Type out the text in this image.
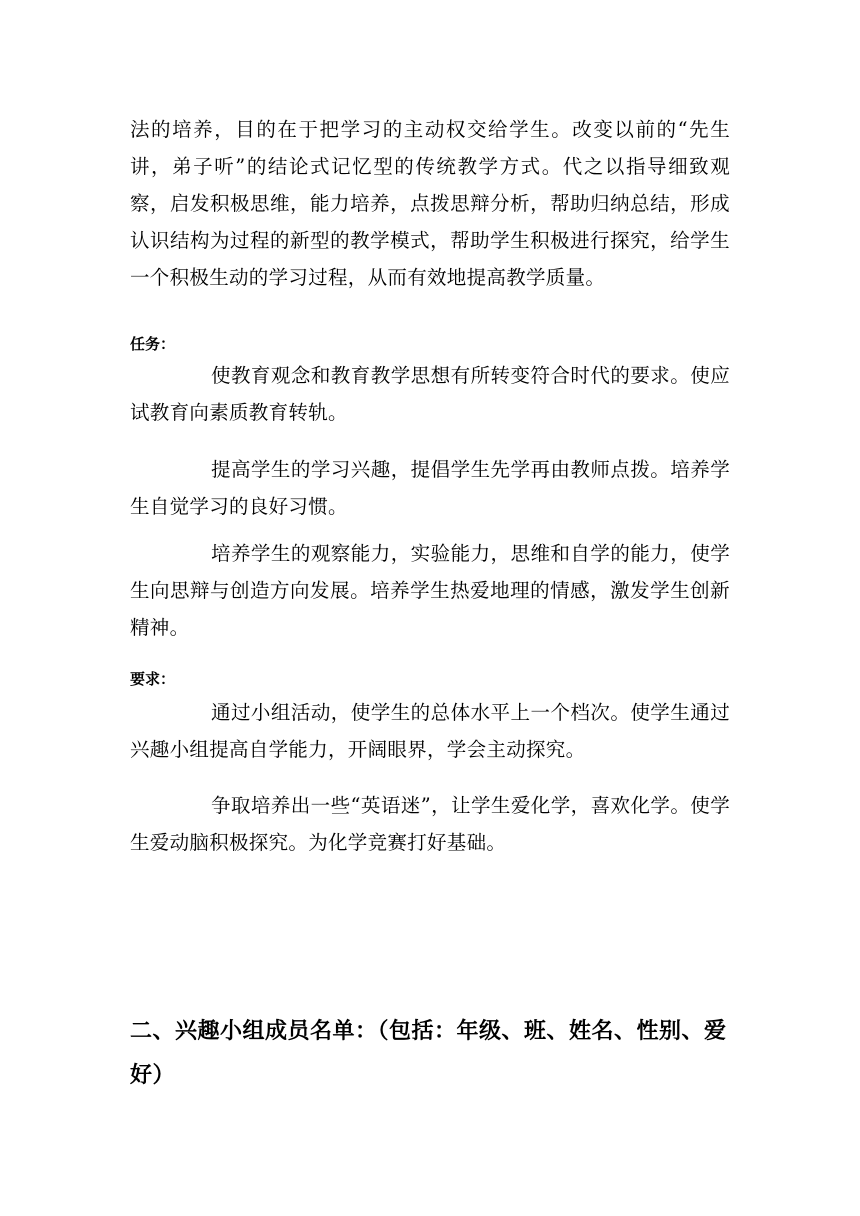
法的培养，目的在于把学习的主动权交给学生。改变以前的“先生讲，弟子听”的结论式记忆型的传统教学方式。代之以指导细致观察，启发积极思维，能力培养，点拨思辩分析，帮助归纳总结，形成认识结构为过程的新型的教学模式，帮助学生积极进行探究，给学生一个积极生动的学习过程，从而有效地提高教学质量。

任务：

使教育观念和教育教学思想有所转变符合时代的要求。使应试教育向素质教育转轨。

提高学生的学习兴趣，提倡学生先学再由教师点拨。培养学生自觉学习的良好习惯。

培养学生的观察能力，实验能力，思维和自学的能力，使学生向思辩与创造方向发展。培养学生热爱地理的情感，激发学生创新精神。

要求：

通过小组活动，使学生的总体水平上一个档次。使学生通过兴趣小组提高自学能力，开阔眼界，学会主动探究。

争取培养出一些“英语迷”，让学生爱化学，喜欢化学。使学生爱动脑积极探究。为化学竞赛打好基础。

二、兴趣小组成员名单：（包括：年级、班、姓名、性别、爱好）
